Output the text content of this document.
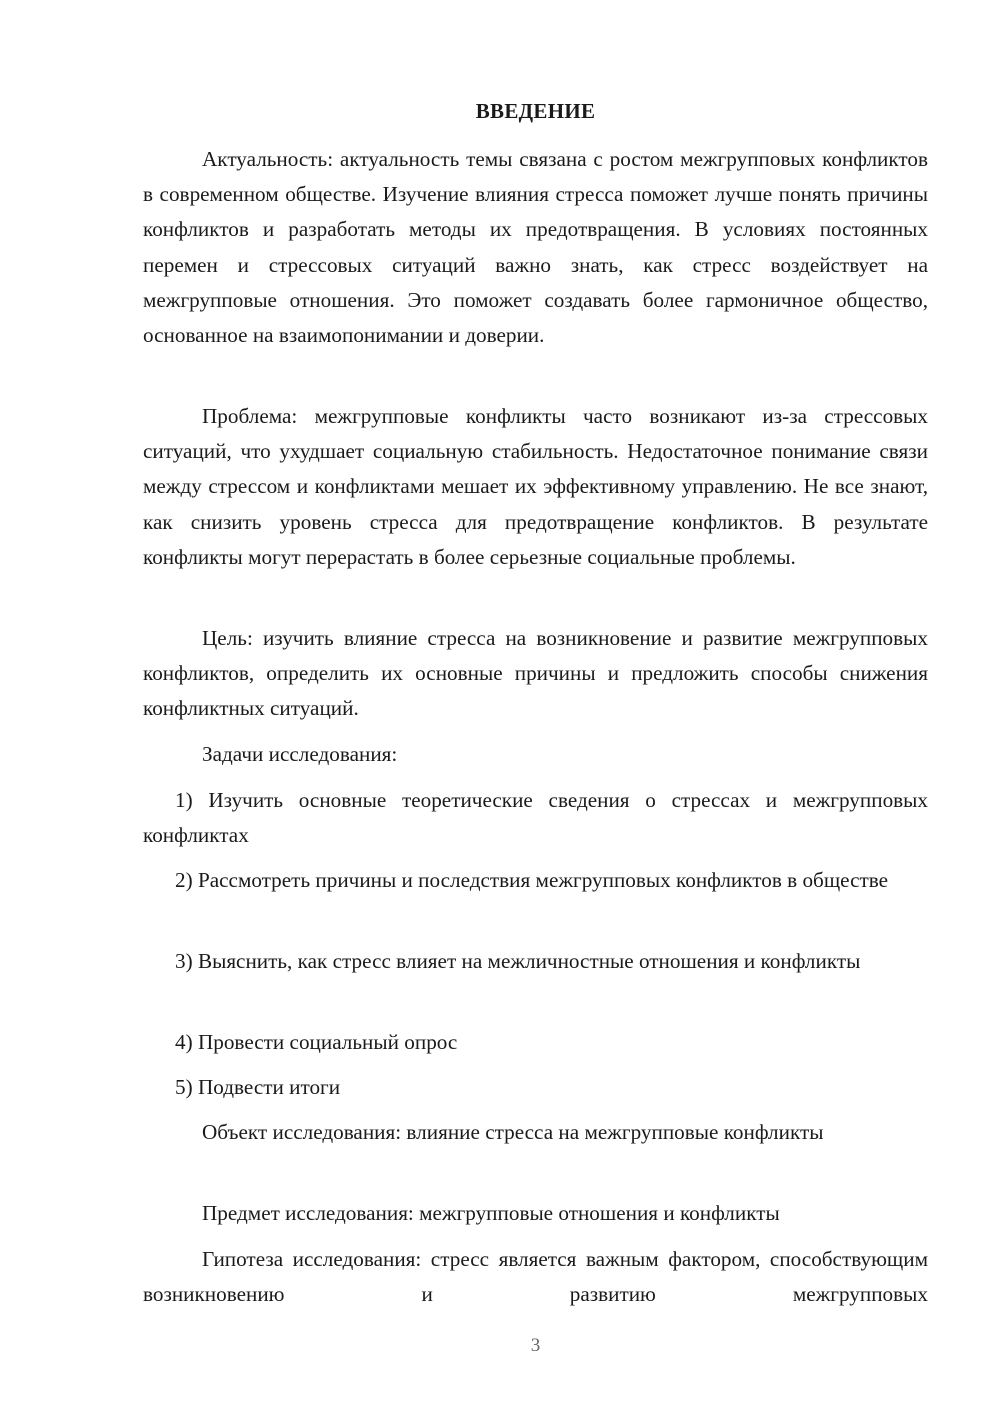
ВВЕДЕНИЕ

Актуальность: актуальность темы связана с ростом межгрупповых конфликтов в современном обществе. Изучение влияния стресса поможет лучше понять причины конфликтов и разработать методы их предотвращения. В условиях постоянных перемен и стрессовых ситуаций важно знать, как стресс воздействует на межгрупповые отношения. Это поможет создавать более гармоничное общество, основанное на взаимопонимании и доверии.

Проблема: межгрупповые конфликты часто возникают из-за стрессовых ситуаций, что ухудшает социальную стабильность. Недостаточное понимание связи между стрессом и конфликтами мешает их эффективному управлению. Не все знают, как снизить уровень стресса для предотвращение конфликтов. В результате конфликты могут перерастать в более серьезные социальные проблемы.

Цель: изучить влияние стресса на возникновение и развитие межгрупповых конфликтов, определить их основные причины и предложить способы снижения конфликтных ситуаций.

Задачи исследования:

1) Изучить основные теоретические сведения о стрессах и межгрупповых конфликтах

2) Рассмотреть причины и последствия межгрупповых конфликтов в обществе

3) Выяснить, как стресс влияет на межличностные отношения и конфликты

4) Провести социальный опрос

5) Подвести итоги

Объект исследования: влияние стресса на межгрупповые конфликты

Предмет исследования: межгрупповые отношения и конфликты

Гипотеза исследования: стресс является важным фактором, способствующим возникновению и развитию межгрупповых

3
